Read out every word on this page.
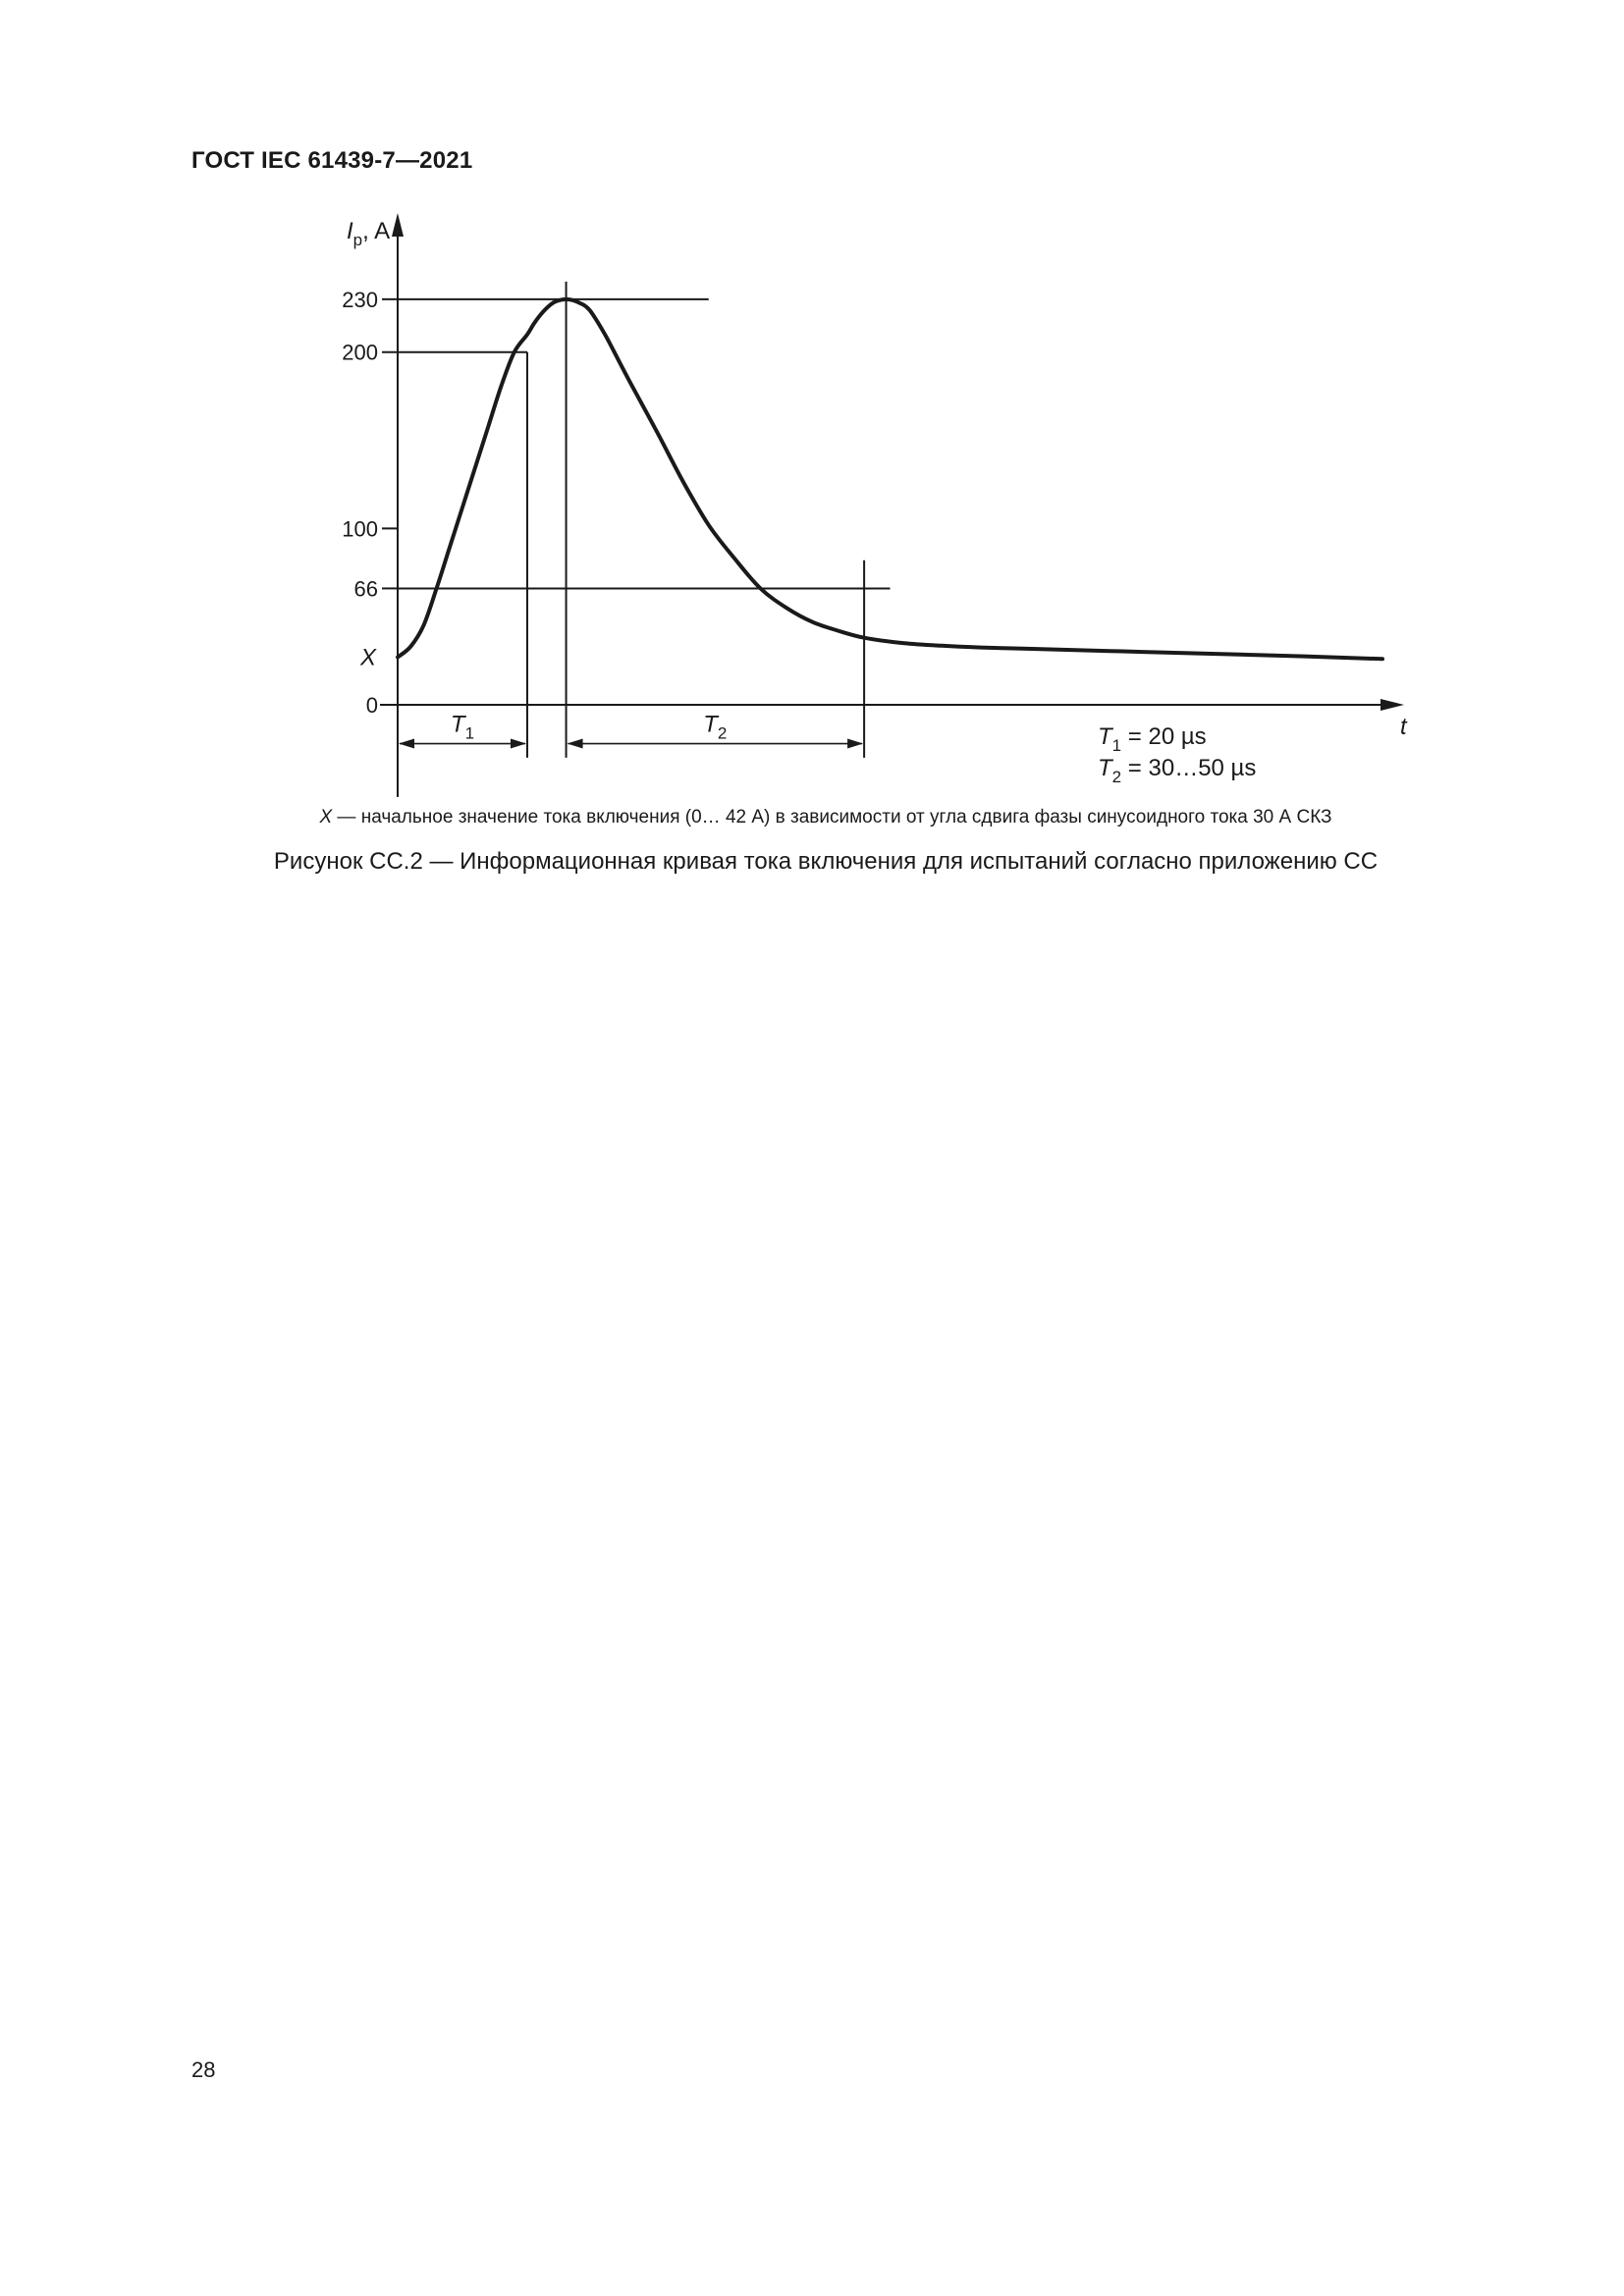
ГОСТ IEC 61439-7—2021
230
200
100
66
0
X
$T_1$	$T_2$
$I_p$, A
t
$T_1 = 20$ µs
$T_2$ = 30…50 µs
X — начальное значение тока включения (0… 42 А) в зависимости от угла сдвига фазы синусоидного тока 30 А СКЗ
Рисунок СС.2 — Информационная кривая тока включения для испытаний согласно приложению СС
28
